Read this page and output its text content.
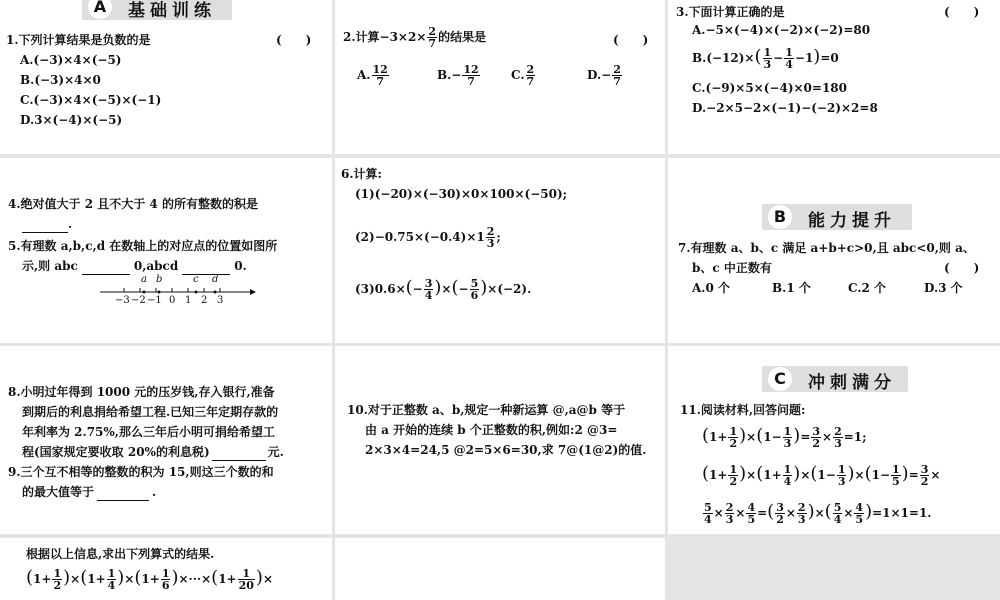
A	基础训练
1.下列计算结果是负数的是	(　　)
A.(−3)×4×(−5)
B.(−3)×4×0
C.(−3)×4×(−5)×(−1)
D.3×(−4)×(−5)
2.计算$-3\times 2\times \frac{2}{7}$ 的结果是	(　　)
A. $\frac{12}{7}$	$B.- \frac{12}{7}$	C. $\frac{2}{7}$	$D.- \frac{2}{7}$
3.下面计算正确的是	(　　)
A.−5×(−4)×(−2)×(−2)=80
$B.(-12)\times( \frac{1}{3} - \frac{1}{4} -1)=0$
C.(−9)×5×(−4)×0=180
D.−2×5−2×(−1)−(−2)×2=8
4.绝对值大于 2 且不大于 4 的所有整数的积是
.
5.有理数 a,b,c,d 在数轴上的对应点的位置如图所
示,则 abc	0,abcd	0.
a b	c d
−3 −2 −1 0 1 2 3
6.计算:
(1)(−20)×(−30)×0×100×(−50);
$(2)-0.75\times(-0.4)\times 1 \frac{2}{3}$ ;
$(3)0.6\times(- \frac{3}{4}$ )×(− $\frac{5}{6} )\times(-2)$.
B	能力提升
7.有理数 a、b、c 满足 a+b+c>0,且 abc<0,则 a、
b、c 中正数有	(　　)
A.0 个	B.1 个	C.2 个	D.3 个
8.小明过年得到 1000 元的压岁钱,存入银行,准备
到期后的利息捐给希望工程.已知三年定期存款的
年利率为 2.75%,那么三年后小明可捐给希望工
程(国家规定要收取 20%的利息税)	元.
9.三个互不相等的整数的积为 15,则这三个数的和
的最大值等于	.
10.对于正整数 a、b,规定一种新运算 @,a@b 等于
由 a 开始的连续 b 个正整数的积,例如:2 @3=
2×3×4=24,5 @2=5×6=30,求 7@(1@2)的值.
C	冲刺满分
11.阅读材料,回答问题:
$(1+ \frac{1}{2} )\times(1- \frac{1}{3}$ )= $\frac{3}{2} \times \frac{2}{3} =1$;
$(1+ \frac{1}{2} )\times(1+ \frac{1}{4} )\times(1- \frac{1}{3} )\times(1- \frac{1}{5}$ )= $\frac{3}{2}$ ×
$\frac{5}{4} \times \frac{2}{3} \times \frac{4}{5}$ =( $\frac{3}{2} \times \frac{2}{3}$ )×( $\frac{5}{4} \times \frac{4}{5} )=1\times 1=1$.
根据以上信息,求出下列算式的结果.
$(1+ \frac{1}{2} )\times(1+ \frac{1}{4} )\times(1+ \frac{1}{6} )\times\cdot\cdot\cdot\times(1+ \frac{1}{20}$ )×
